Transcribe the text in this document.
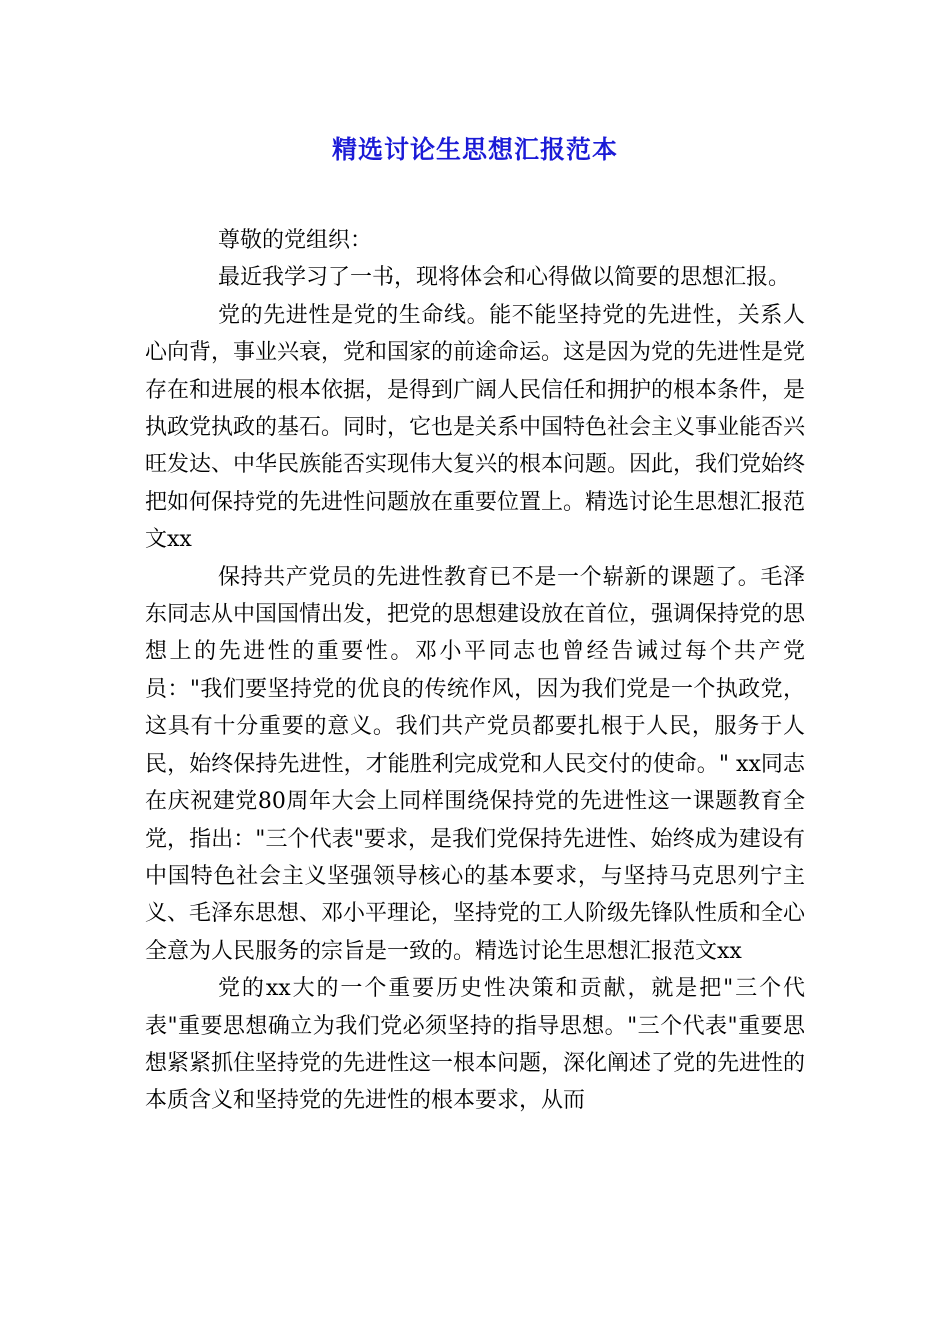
精选讨论生思想汇报范本

尊敬的党组织：

最近我学习了一书，现将体会和心得做以简要的思想汇报。

党的先进性是党的生命线。能不能坚持党的先进性，关系人心向背，事业兴衰，党和国家的前途命运。这是因为党的先进性是党存在和进展的根本依据，是得到广阔人民信任和拥护的根本条件，是执政党执政的基石。同时，它也是关系中国特色社会主义事业能否兴旺发达、中华民族能否实现伟大复兴的根本问题。因此，我们党始终把如何保持党的先进性问题放在重要位置上。精选讨论生思想汇报范文xx

保持共产党员的先进性教育已不是一个崭新的课题了。毛泽东同志从中国国情出发，把党的思想建设放在首位，强调保持党的思想上的先进性的重要性。邓小平同志也曾经告诫过每个共产党员："我们要坚持党的优良的传统作风，因为我们党是一个执政党，这具有十分重要的意义。我们共产党员都要扎根于人民，服务于人民，始终保持先进性，才能胜利完成党和人民交付的使命。" xx同志在庆祝建党80周年大会上同样围绕保持党的先进性这一课题教育全党，指出："三个代表"要求，是我们党保持先进性、始终成为建设有中国特色社会主义坚强领导核心的基本要求，与坚持马克思列宁主义、毛泽东思想、邓小平理论，坚持党的工人阶级先锋队性质和全心全意为人民服务的宗旨是一致的。精选讨论生思想汇报范文xx

党的xx大的一个重要历史性决策和贡献，就是把"三个代表"重要思想确立为我们党必须坚持的指导思想。"三个代表"重要思想紧紧抓住坚持党的先进性这一根本问题，深化阐述了党的先进性的本质含义和坚持党的先进性的根本要求，从而
